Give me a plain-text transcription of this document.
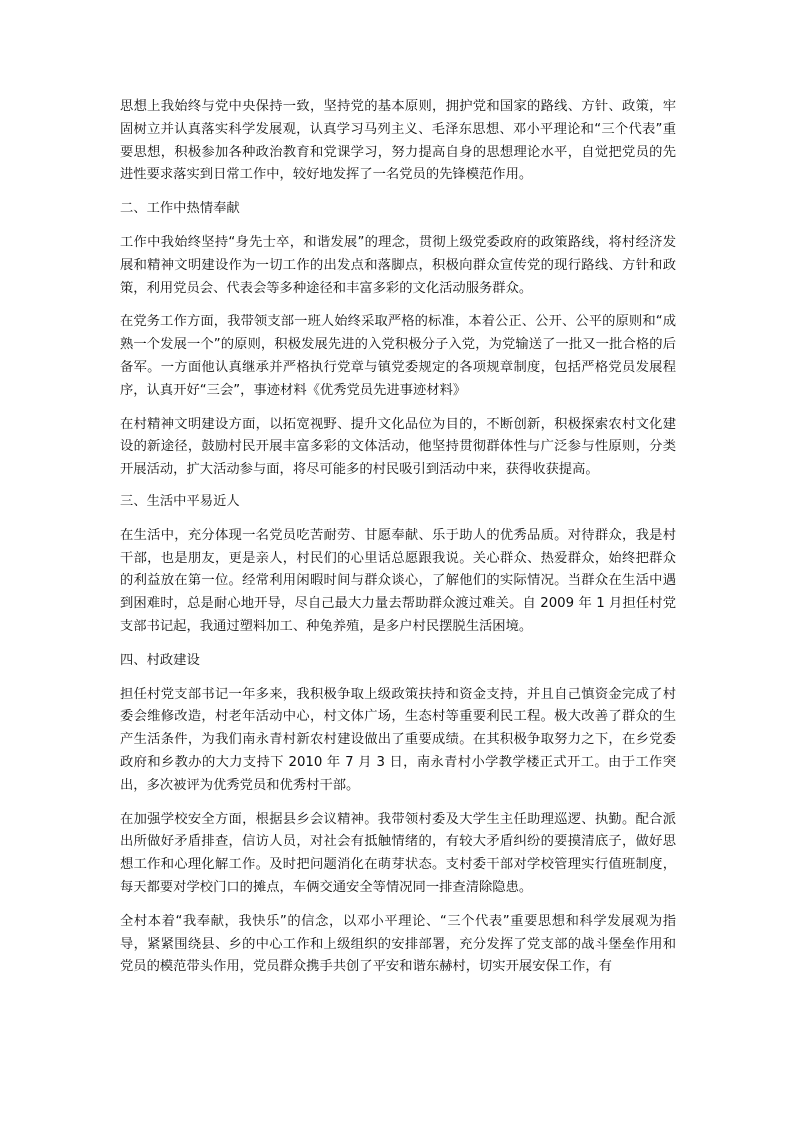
思想上我始终与党中央保持一致，坚持党的基本原则，拥护党和国家的路线、方针、政策，牢固树立并认真落实科学发展观，认真学习马列主义、毛泽东思想、邓小平理论和“三个代表”重要思想，积极参加各种政治教育和党课学习，努力提高自身的思想理论水平，自觉把党员的先进性要求落实到日常工作中，较好地发挥了一名党员的先锋模范作用。

二、工作中热情奉献

工作中我始终坚持“身先士卒，和谐发展”的理念，贯彻上级党委政府的政策路线，将村经济发展和精神文明建设作为一切工作的出发点和落脚点，积极向群众宣传党的现行路线、方针和政策，利用党员会、代表会等多种途径和丰富多彩的文化活动服务群众。

在党务工作方面，我带领支部一班人始终采取严格的标准，本着公正、公开、公平的原则和“成熟一个发展一个”的原则，积极发展先进的入党积极分子入党，为党输送了一批又一批合格的后备军。一方面他认真继承并严格执行党章与镇党委规定的各项规章制度，包括严格党员发展程序，认真开好“三会”，事迹材料《优秀党员先进事迹材料》

在村精神文明建设方面，以拓宽视野、提升文化品位为目的，不断创新，积极探索农村文化建设的新途径，鼓励村民开展丰富多彩的文体活动，他坚持贯彻群体性与广泛参与性原则，分类开展活动，扩大活动参与面，将尽可能多的村民吸引到活动中来，获得收获提高。

三、生活中平易近人

在生活中，充分体现一名党员吃苦耐劳、甘愿奉献、乐于助人的优秀品质。对待群众，我是村干部，也是朋友，更是亲人，村民们的心里话总愿跟我说。关心群众、热爱群众，始终把群众的利益放在第一位。经常利用闲暇时间与群众谈心，了解他们的实际情况。当群众在生活中遇到困难时，总是耐心地开导，尽自己最大力量去帮助群众渡过难关。自 2009 年 1 月担任村党支部书记起，我通过塑料加工、种兔养殖，是多户村民摆脱生活困境。

四、村政建设

担任村党支部书记一年多来，我积极争取上级政策扶持和资金支持，并且自己慎资金完成了村委会维修改造，村老年活动中心，村文体广场，生态村等重要利民工程。极大改善了群众的生产生活条件，为我们南永青村新农村建设做出了重要成绩。在其积极争取努力之下，在乡党委政府和乡教办的大力支持下 2010 年 7 月 3 日，南永青村小学教学楼正式开工。由于工作突出，多次被评为优秀党员和优秀村干部。

在加强学校安全方面，根据县乡会议精神。我带领村委及大学生主任助理巡逻、执勤。配合派出所做好矛盾排查，信访人员，对社会有抵触情绪的，有较大矛盾纠纷的要摸清底子，做好思想工作和心理化解工作。及时把问题消化在萌芽状态。支村委干部对学校管理实行值班制度，每天都要对学校门口的摊点，车俩交通安全等情况同一排查清除隐患。

全村本着“我奉献，我快乐”的信念，以邓小平理论、“三个代表”重要思想和科学发展观为指导，紧紧围绕县、乡的中心工作和上级组织的安排部署，充分发挥了党支部的战斗堡垒作用和党员的模范带头作用，党员群众携手共创了平安和谐东赫村，切实开展安保工作，有
